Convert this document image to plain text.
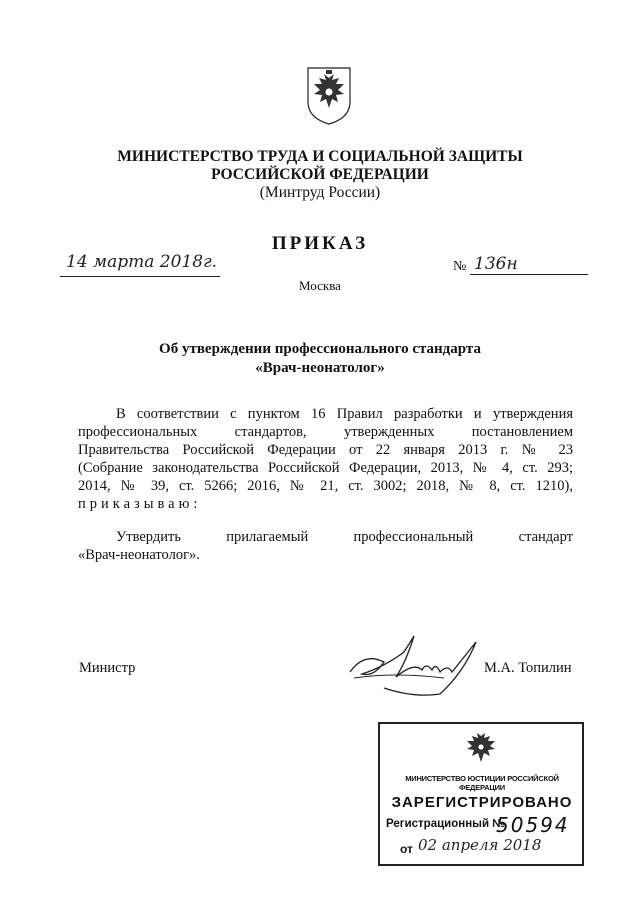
МИНИСТЕРСТВО ТРУДА И СОЦИАЛЬНОЙ ЗАЩИТЫ
РОССИЙСКОЙ ФЕДЕРАЦИИ
(Минтруд России)
ПРИКАЗ
14 марта 2018г.	№ 136н
Москва
Об утверждении профессионального стандарта
«Врач-неонатолог»
В соответствии с пунктом 16 Правил разработки и утверждения
профессиональных стандартов, утвержденных постановлением
Правительства Российской Федерации от 22 января 2013 г. № 23
(Собрание законодательства Российской Федерации, 2013, № 4, ст. 293;
2014, № 39, ст. 5266; 2016, № 21, ст. 3002; 2018, № 8, ст. 1210),
приказываю:
Утвердить прилагаемый профессиональный стандарт
«Врач-неонатолог».
Министр	М.А. Топилин
МИНИСТЕРСТВО ЮСТИЦИИ РОССИЙСКОЙ ФЕДЕРАЦИИ
ЗАРЕГИСТРИРОВАНО
Регистрационный №
50594
от 02 апреля 2018
